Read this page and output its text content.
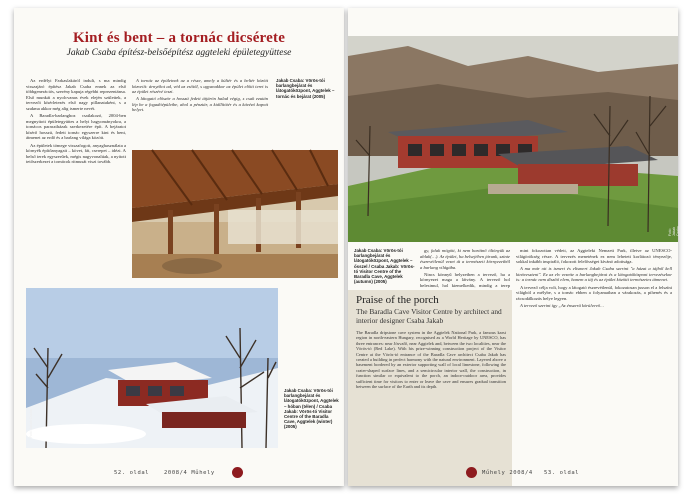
Kint és bent – a tornác dicsérete
Jakab Csaba építész-belsőépítész aggteleki épületegyüttese

Az erdélyi Farkaslakáról indult, s ma mindig visszajáró építész Jakab Csaba ennek az első többgenerációs, szerény kapuja régebbi reprezentánsa. Első munkái a nyolcvanas évek elején születtek, a tervezői kísérletezés első nagy pillanataként, s a szakma akkor még alig ismerte nevét.

A Baradla-barlanghoz csatlakozó, 2004-ben megnyitott épületegyüttes a helyi hagyományokra, a tornácos parasztházak szerkezetére épít. A bejáratot kísérő hosszú, fedett tornác egyszerre kint és bent, átmenet az erdő és a barlang világa között.

Az épületek tömege visszafogott, anyaghasználata a környék építőanyagait – követ, fát, cserepet – idézi. A belső terek egyszerűek, mégis nagyvonalúak, a nyitott tetőszerkezet a tornácok ritmusát viszi tovább.

A tornác az épületnek az a része, amely a kültér és a beltér között közvetít: árnyékot ad, véd az esőtől, s ugyanakkor az épület előtti teret is az épület részévé teszi.

A látogató először a hosszú fedett átjárón halad végig, s csak ezután lép be a fogadóépületbe, ahol a pénztár, a kiállítótér és a kávézó kapott helyet.

Jakab Csaba: Vörös-tói barlangbejárat és látogatóközpont, Aggtelek – tornác és bejárat (2005)
Fotó: Jakab Csaba
Jakab Csaba: Vörös-tói barlangbejárat és látogatóközpont, Aggtelek – hóban (télen) / Csaba Jakab: Vörös-tó Visitor Centre of the Baradla Cave, Aggtelek (winter) (2005)
52. oldal	2008/4 Műhely
Fotó: Jakab Csaba
Jakab Csaba: Vörös-tói barlangbejárat és látogatóközpont, Aggtelek – ősszel / Csaba Jakab: Vörös-tó Visitor Centre of the Baradla Cave, Aggtelek (autumn) (2005)

gy, falak mögött, ki nem barátnő öltönyük az ablak(…). Az épület, ha belsejében járunk, szinte észrevétlenül vezet át a természeti környezetből a barlang világába.

Nincs könnyű helyzetben a tervező, ha a környezet maga a látvány. A tervező hol belesimul, hol kiemelkedik, mindig a terep

mint fokozottan védett, az Aggteleki Nemzeti Park, illetve az UNESCO-világörökség része. A tervezés menetének ez nem lehetett korlátozó tényezője, sokkal inkább inspiráló, fokozott felelősséget kívánó adottsága.

A ma már ott is ismert és elismert Jakab Csaba szerint "a házat a tájból kell kinöveszteni". Ez az elv vezette a barlangbejárat és a látogatóközpont tervezésekor is: a tornác nem díszítő elem, hanem a táj és az épület közötti természetes átmenet.

A tervező célja volt, hogy a látogató észrevétlenül, fokozatosan jusson el a felszíni világból a mélybe, s a tornác ebben a folyamatban a várakozás, a pihenés és a rácsodálkozás helye legyen.

A tervező szerint így „Az énszerű körülvevő…

Praise of the porch
The Baradla Cave Visitor Centre by architect and interior designer Csaba Jakab
The Baradla dripstone cave system in the Aggtelek National Park, a famous karst region in north-eastern Hungary, recognised as a World Heritage by UNESCO, has three entrances: near Jósvafő, near Aggtelek and, between the two localities, near the Vörös-tó (Red Lake). With his prize-winning construction project of the Visitor Centre at the Vörös-tó entrance of the Baradla Cave architect Csaba Jakab has created a building in perfect harmony with the natural environment. Layered above a basement bordered by an exterior supporting wall of local limestone, following the crater-shaped surface lines, and a semicircular interior wall, the construction, in function similar or equivalent to the porch, an indoor-outdoor area, provides sufficient time for visitors to enter or leave the cave and ensures gradual transition between the surface of the Earth and its depth.
Műhely 2008/4 53. oldal
